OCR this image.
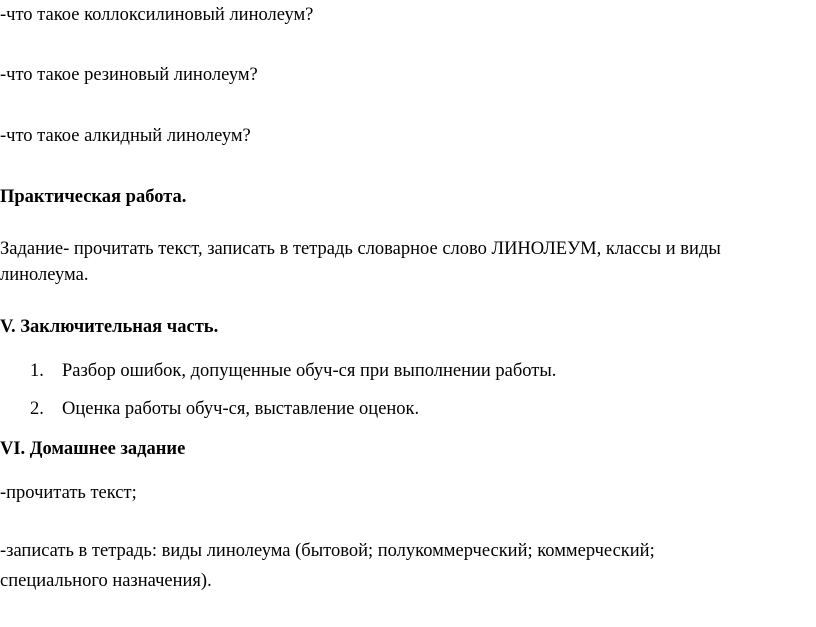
-что такое коллоксилиновый линолеум?
-что такое резиновый линолеум?
-что такое алкидный линолеум?
Практическая работа.
Задание- прочитать текст, записать в тетрадь словарное слово ЛИНОЛЕУМ, классы и виды
линолеума.
V. Заключительная часть.
1. Разбор ошибок, допущенные обуч-ся при выполнении работы.
2. Оценка работы обуч-ся, выставление оценок.
VI. Домашнее задание
-прочитать текст;
-записать в тетрадь: виды линолеума (бытовой; полукоммерческий; коммерческий;
специального назначения).
